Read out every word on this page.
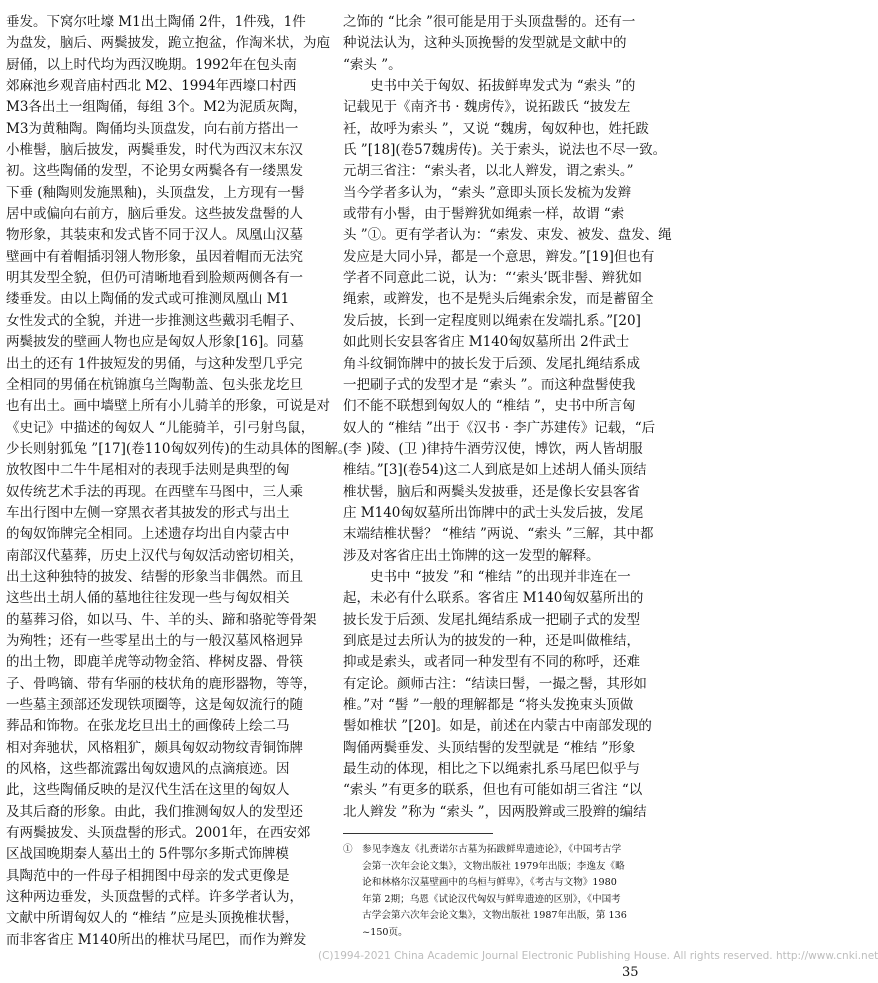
垂发。下窝尔吐壕 M1出土陶俑 2件，1件残，1件

为盘发，脑后、两鬓披发，跪立抱盆，作淘米状，为庖

厨俑，以上时代均为西汉晚期。1992年在包头南

郊麻池乡观音庙村西北 M2、1994年西壕口村西

M3各出土一组陶俑，每组 3个。M2为泥质灰陶，

M3为黄釉陶。陶俑均头顶盘发，向右前方搭出一

小椎髻，脑后披发，两鬓垂发，时代为西汉末东汉

初。这些陶俑的发型，不论男女两鬓各有一缕黑发

下垂 (釉陶则发施黑釉)，头顶盘发，上方现有一髻

居中或偏向右前方，脑后垂发。这些披发盘髻的人

物形象，其装束和发式皆不同于汉人。凤凰山汉墓

壁画中有着帽插羽翎人物形象，虽因着帽而无法究

明其发型全貌，但仍可清晰地看到脸颊两侧各有一

缕垂发。由以上陶俑的发式或可推测凤凰山 M1

女性发式的全貌，并进一步推测这些戴羽毛帽子、

两鬓披发的壁画人物也应是匈奴人形象[16]。同墓

出土的还有 1件披短发的男俑，与这种发型几乎完

全相同的男俑在杭锦旗乌兰陶勒盖、包头张龙圪旦

也有出土。画中墙壁上所有小儿骑羊的形象，可说是对

《史记》中描述的匈奴人 “儿能骑羊，引弓射鸟鼠，

少长则射狐兔 ”[17](卷110匈奴列传)的生动具体的图解。

放牧图中二牛牛尾相对的表现手法则是典型的匈

奴传统艺术手法的再现。在西壁车马图中，三人乘

车出行图中左侧一穿黑衣者其披发的形式与出土

的匈奴饰牌完全相同。上述遗存均出自内蒙古中

南部汉代墓葬，历史上汉代与匈奴活动密切相关，

出土这种独特的披发、结髻的形象当非偶然。而且

这些出土胡人俑的墓地往往发现一些与匈奴相关

的墓葬习俗，如以马、牛、羊的头、蹄和骆驼等骨架

为殉牲；还有一些零星出土的与一般汉墓风格迥异

的出土物，即鹿羊虎等动物金箔、桦树皮器、骨筷

子、骨鸣镝、带有华丽的枝状角的鹿形器物，等等，

一些墓主颈部还发现铁项圈等，这是匈奴流行的随

葬品和饰物。在张龙圪旦出土的画像砖上绘二马

相对奔驰状，风格粗犷，颇具匈奴动物纹青铜饰牌

的风格，这些都流露出匈奴遗风的点滴痕迹。因

此，这些陶俑反映的是汉代生活在这里的匈奴人

及其后裔的形象。由此，我们推测匈奴人的发型还

有两鬓披发、头顶盘髻的形式。2001年，在西安郊

区战国晚期秦人墓出土的 5件鄂尔多斯式饰牌模

具陶范中的一件母子相拥图中母亲的发式更像是

这种两边垂发，头顶盘髻的式样。许多学者认为，

文献中所谓匈奴人的 “椎结 ”应是头顶挽椎状髻，

而非客省庄 M140所出的椎状马尾巴，而作为辫发

之饰的 “比余 ”很可能是用于头顶盘髻的。还有一

种说法认为，这种头顶挽髻的发型就是文献中的

“索头 ”。

　　史书中关于匈奴、拓拔鲜卑发式为 “索头 ”的

记载见于《南齐书 · 魏虏传》，说拓跋氏 “披发左

衽，故呼为索头 ”，又说 “魏虏，匈奴种也，姓托跋

氏 ”[18](卷57魏虏传)。关于索头，说法也不尽一致。

元胡三省注：“索头者，以北人辫发，谓之索头。”

当今学者多认为，“索头 ”意即头顶长发梳为发辫

或带有小髻，由于髻辫犹如绳索一样，故谓 “索

头 ”①。更有学者认为：“索发、束发、被发、盘发、绳

发应是大同小异，都是一个意思，辫发。”[19]但也有

学者不同意此二说，认为：“‘索头’既非髻、辫犹如

绳索，或辫发，也不是髡头后绳索余发，而是蓄留全

发后披，长到一定程度则以绳索在发端扎系。”[20]

如此则长安县客省庄 M140匈奴墓所出 2件武士

角斗纹铜饰牌中的披长发于后颈、发尾扎绳结系成

一把刷子式的发型才是 “索头 ”。而这种盘髻使我

们不能不联想到匈奴人的 “椎结 ”，史书中所言匈

奴人的 “椎结 ”出于《汉书 · 李广苏建传》记载，“后

(李 )陵、(卫 )律持牛酒劳汉使，博饮，两人皆胡服

椎结。”[3](卷54)这二人到底是如上述胡人俑头顶结

椎状髻，脑后和两鬓头发披垂，还是像长安县客省

庄 M140匈奴墓所出饰牌中的武士头发后披，发尾

末端结椎状髻？ “椎结 ”两说、“索头 ”三解，其中都

涉及对客省庄出土饰牌的这一发型的解释。

　　史书中 “披发 ”和 “椎结 ”的出现并非连在一

起，未必有什么联系。客省庄 M140匈奴墓所出的

披长发于后颈、发尾扎绳结系成一把刷子式的发型

到底是过去所认为的披发的一种，还是叫做椎结，

抑或是索头，或者同一种发型有不同的称呼，还难

有定论。颜师古注：“结读曰髻，一撮之髻，其形如

椎。”对 “髻 ”一般的理解都是 “将头发挽束头顶做

髻如椎状 ”[20]。如是，前述在内蒙古中南部发现的

陶俑两鬓垂发、头顶结髻的发型就是 “椎结 ”形象

最生动的体现，相比之下以绳索扎系马尾巴似乎与

“索头 ”有更多的联系，但也有可能如胡三省注 “以

北人辫发 ”称为 “索头 ”，因两股辫或三股辫的编结

①　参见李逸友《扎赉诺尔古墓为拓跋鲜卑遗迹论》，《中国考古学

　　会第一次年会论文集》，文物出版社 1979年出版；李逸友《略

　　论和林格尔汉墓壁画中的乌桓与鲜卑》，《考古与文物》1980

　　年第 2期；乌恩《试论汉代匈奴与鲜卑遗迹的区别》，《中国考

　　古学会第六次年会论文集》，文物出版社 1987年出版，第 136

　　~150页。

(C)1994-2021 China Academic Journal Electronic Publishing House. All rights reserved. http://www.cnki.net
35
